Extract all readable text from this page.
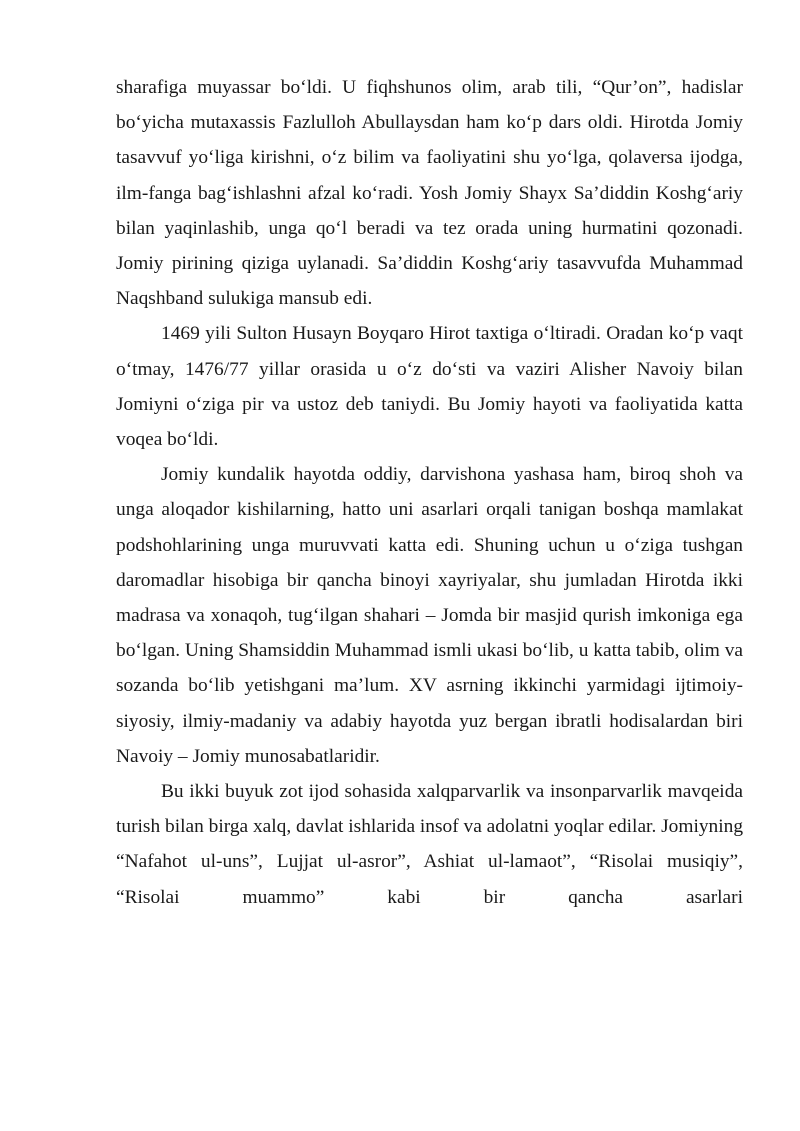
sharafiga muyassar bo‘ldi. U fiqhshunos olim, arab tili, “Qur’on”, hadislar bo‘yicha mutaxassis Fazlulloh Abullaysdan ham ko‘p dars oldi. Hirotda Jomiy tasavvuf yo‘liga kirishni, o‘z bilim va faoliyatini shu yo‘lga, qolaversa ijodga, ilm-fanga bag‘ishlashni afzal ko‘radi. Yosh Jomiy Shayx Sa’diddin Koshg‘ariy bilan yaqinlashib, unga qo‘l beradi va tez orada uning hurmatini qozonadi. Jomiy pirining qiziga uylanadi. Sa’diddin Koshg‘ariy tasavvufda Muhammad Naqshband sulukiga mansub edi.

1469 yili Sulton Husayn Boyqaro Hirot taxtiga o‘ltiradi. Oradan ko‘p vaqt o‘tmay, 1476/77 yillar orasida u o‘z do‘sti va vaziri Alisher Navoiy bilan Jomiyni o‘ziga pir va ustoz deb taniydi. Bu Jomiy hayoti va faoliyatida katta voqea bo‘ldi.

Jomiy kundalik hayotda oddiy, darvishona yashasa ham, biroq shoh va unga aloqador kishilarning, hatto uni asarlari orqali tanigan boshqa mamlakat podshohlarining unga muruvvati katta edi. Shuning uchun u o‘ziga tushgan daromadlar hisobiga bir qancha binoyi xayriyalar, shu jumladan Hirotda ikki madrasa va xonaqoh, tug‘ilgan shahari – Jomda bir masjid qurish imkoniga ega bo‘lgan. Uning Shamsiddin Muhammad ismli ukasi bo‘lib, u katta tabib, olim va sozanda bo‘lib yetishgani ma’lum. XV asrning ikkinchi yarmidagi ijtimoiy-siyosiy, ilmiy-madaniy va adabiy hayotda yuz bergan ibratli hodisalardan biri Navoiy – Jomiy munosabatlaridir.

Bu ikki buyuk zot ijod sohasida xalqparvarlik va insonparvarlik mavqeida turish bilan birga xalq, davlat ishlarida insof va adolatni yoqlar edilar. Jomiyning “Nafahot ul-uns”, Lujjat ul-asror”, Ashiat ul-lamaot”, “Risolai musiqiy”, “Risolai muammo” kabi bir qancha asarlari
